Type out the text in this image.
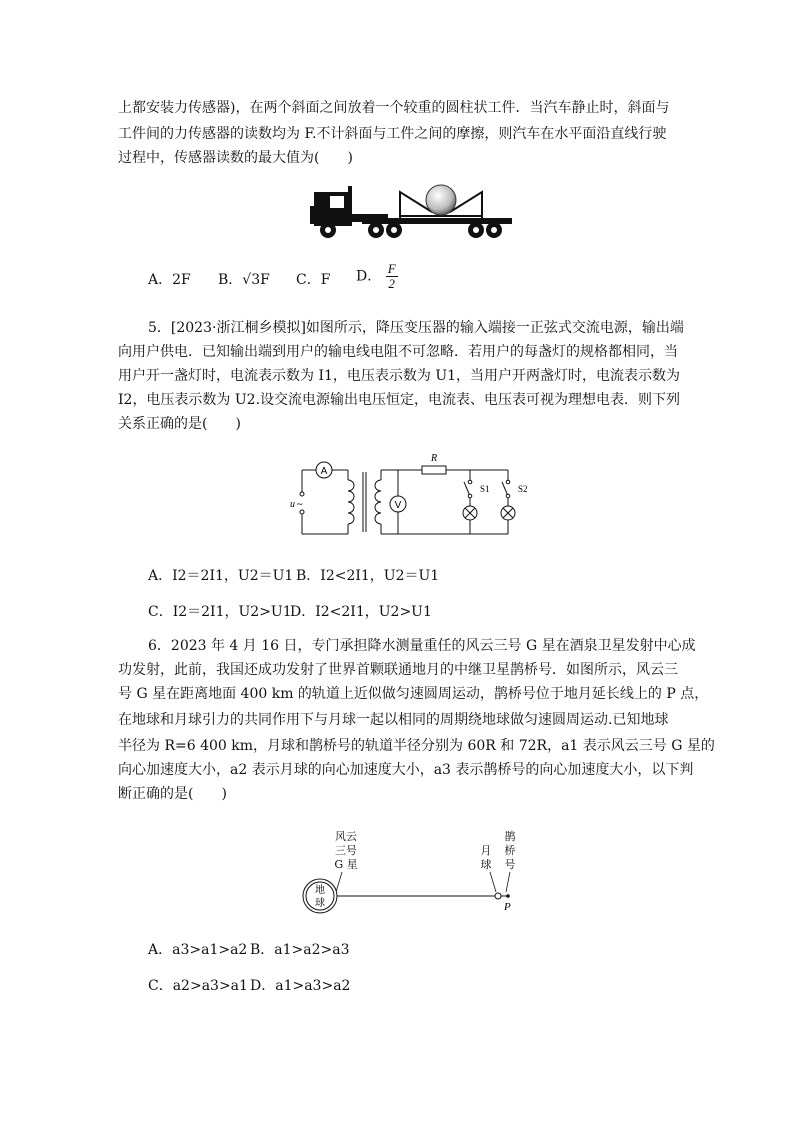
上都安装力传感器)，在两个斜面之间放着一个较重的圆柱状工件．当汽车静止时，斜面与
工件间的力传感器的读数均为 F.不计斜面与工件之间的摩擦，则汽车在水平面沿直线行驶
过程中，传感器读数的最大值为(　　)
A．2F B．√3F C．F D． $\frac{F}{2}$
5．[2023·浙江桐乡模拟]如图所示，降压变压器的输入端接一正弦式交流电源，输出端
向用户供电．已知输出端到用户的输电线电阻不可忽略．若用户的每盏灯的规格都相同，当
用户开一盏灯时，电流表示数为 I1，电压表示数为 U1，当用户开两盏灯时，电流表示数为
I2，电压表示数为 U2.设交流电源输出电压恒定，电流表、电压表可视为理想电表．则下列
关系正确的是(　　)
A
V
R
S1	S2
u ~
A．I2＝2I1，U2＝U1 B．I2<2I1，U2＝U1
C．I2＝2I1，U2>U1
D．I2<2I1，U2>U1
6．2023 年 4 月 16 日，专门承担降水测量重任的风云三号 G 星在酒泉卫星发射中心成
功发射，此前，我国还成功发射了世界首颗联通地月的中继卫星鹊桥号．如图所示，风云三
号 G 星在距离地面 400 km 的轨道上近似做匀速圆周运动，鹊桥号位于地月延长线上的 P 点，
在地球和月球引力的共同作用下与月球一起以相同的周期绕地球做匀速圆周运动.已知地球
半径为 R=6 400 km，月球和鹊桥号的轨道半径分别为 60R 和 72R，a1 表示风云三号 G 星的
向心加速度大小，a2 表示月球的向心加速度大小，a3 表示鹊桥号的向心加速度大小，以下判
断正确的是(　　)
风云
三号
G 星
月
球
鹊
桥
号
地
球	P
A．a3>a1>a2 B．a1>a2>a3
C．a2>a3>a1 D．a1>a3>a2
